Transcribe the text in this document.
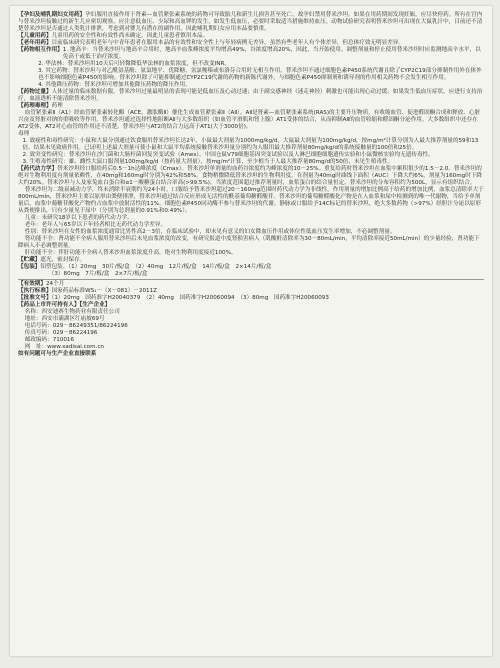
【孕妇及哺乳期妇女用药】孕妇服用直接作用于肾素—血管紧张素系统的药物可导致胎儿和新生儿损害甚至死亡。故孕妇禁用替米沙坦。如果在用药期间发现妊娠，应尽快停药。所有在宫内与替米沙坦接触过的新生儿应密切观察，应注意低血压、少尿和高血钾的发生，如发生低血压，必要时采取适当措施维持血压。动物试验研究表明替米沙坦可出现在大鼠乳汁中，目前还不清楚替米沙坦是否通过人类乳汁排泄，考虑到对婴儿有潜在的副作用，因此哺乳期妇女应用本品要慎重。

【儿童用药】儿童用药的安全性和有效性尚未确定，因此儿童患者慎用本品。

【老年用药】目前临床研究表明老年与中青年患者在服用本品的有效性和安全性上与年轻病例无差异，虽然有些老年人有个体差异，但总体疗效无明显差异。

【药物相互作用】 1. 地高辛：当替米沙坦与地高辛合用时，地高辛血浆峰浓度平均增高49%，谷浓度增高20%，因此，当开始使用、调整剂量和停止使用替米沙坦时应监测地高辛水平，以免高于或低于治疗浓度。

2. 华法林：替米沙坦用10天后可轻微降低华法林的血浆浓度，但不改变INR。

3. 其它药物：替米沙坦与对乙酰氨基酚、氨氯地平、优降糖、氢氯噻嗪或布洛芬合用时无相互作用。替米沙坦不通过细胞色素P450系统代谢且除了CYP2C19部分抑制作用外在体外也不影响细胞色素P450的影响。替米沙坦除了可能抑制通过CYP2C19代谢的药物的新陈代谢外，与细胞色素P450抑制剂和诱导剂的作用相关药物不会发生相互作用。

4. 其他降压药物：替米沙坦可增加其他降压药物的降压作用。

【药物过量】人体过量的临床数据有限。替米沙坦过量最明显的表现可能是低血压及心动过速；由于副交感神经（迷走神经）刺激也可能出现心动过缓。如果发生低血压症状，应进行支持治疗，血液透析不能清除替米沙坦。

【药理毒理】药理

血管紧张素Ⅱ（A1）经血管紧张素转化酶（ACE，激肽酶Ⅱ）催化生成血管紧张素Ⅱ（AⅡ）。AⅡ是肾素—血管紧张素系统(RAS)的主要升压物质，有收缩血管、促进醛固酮合成和释放、心脏兴奋及肾脏对钠的重吸收等作用。替米沙坦通过选择性地阻断AⅡ与大多数组织（如血管平滑肌和肾上腺）AT1受体的结合，从而抑制AⅡ的血管收缩和醛固酮分泌作用。大多数组织中还存在AT2受体，AT2对心血管的作用还不清楚。替米沙坦与AT2的结合力远高于AT1(大于3000倍)。

毒理

1. 致癌性和毒性研究：小鼠和大鼠分别通过饮食服用替米沙坦长达2年，小鼠最大剂量为1000mg/kg/d，大鼠最大剂量为100mg/kg/d，按mg/m²计算分别为人最大推荐剂量的59和13倍，结果未见致癌作用。已证明上述最大剂量可使小鼠和大鼠平均系统接触替米沙坦量分别约为人服用最大推荐剂量80mg/kg/d的系统接触量的100倍和25倍。

2. 致突变性研究：替米沙坦在沙门菌和大肠杆菌回复突变试验（Ames）、中国仓鼠V79细胞基因突变试验以及人淋巴细胞细胞遗传实验和小鼠微核实验均无遗传毒性。

3. 生殖毒性研究：雄、雌性大鼠口服剂量100mg/kg/d（按药量大剂量），按mg/m²计算，至少相当于人最大推荐量80mg/d的50倍，未见生殖毒性。

【药代动力学】替米沙坦经口服给药后0.5－1h达峰浓度（Cmax）。替米沙坦单剂量的血药谷浓度约为峰浓度的10－25%。重复给药时替米沙坦在血浆中累积很少的1.5－2.0。替米沙坦的绝对生物利用度有剂量依赖性，在40mg和160mg时分别为42%和58%。食物稍微降低替米沙坦的生物利用度，在剂量为40mg时曲线下面积（AUC）下降大约6%，剂量为160mg时下降大约20%。替米沙坦与人及家兔血白蛋白和α1－酸糖蛋白结合率高(>99.5%)，当浓度范围超过推荐剂量时，血浆蛋白的结合量恒定。替米沙坦的分布容积约为500L，显示有组织结合。

替米沙坦为二级衰减动力学，终末消除半衰期约为24小时。口服给予替米沙坦超过20－160mg范围时药代动力学为非线性，作用剂量的增加比例高于给药的增加比例，血浆总清除率大于800mL/min，替米沙坦主要以原形由粪便排泄，替米沙坦通过结合反应形成无活性的酰基葡萄糖醛酸苷。替米沙坦的葡萄糖醛酸化产物是在人血浆和尿中检测到的唯一代谢物，当给予单剂量后，血浆中葡糖苷酸化产物约占血浆中放射活性的11%。细胞色素P450同功酶不参与替米沙坦的代谢。静脉或口服给予14C标记的替米沙坦，绝大多数药物（>97%）经胆汁分泌以原形从粪便排出，只有少量见于尿中（分别为总剂量的0.91%和0.49%）。

儿童：未研究18岁以下患者的药代动力学。

老年：老年人与65岁以下年轻者相比无药代动力学差异。

性别：替米沙坦在女性的血浆浓度通常比男性高2－3倍，在临床试验中，却未见有意义的妇女降血压作用或体位性低血压发生率增加，不必调整剂量。

肾功能不全：肾功能不全病人服用替米沙坦后未见血浆浓度的改变，有研究报道中度肾损害病人（肌酸酐清除率为30－80mL/min，平均清除率接近50mL/min）的少量经验，肾功能下降病人不必调整剂量。

肝功能不全：伴肝功能不全病人替米沙坦血浆浓度升高，绝对生物利用度接近100%。

【贮藏】遮光，密封保存。

【包装】 铝塑包装。（1）20mg　30片/板/盒　（2）40mg　12片/板/盒　14片/板/盒　2×14片/板/盒

（3）80mg　7片/板/盒　2×7片/板/盒

【有效期】24个月

【执行标准】国家药品标准WS₁－（X－081）－2011Z

【批准文号】（1）20mg　国药准字H20040379　（2）40mg　国药准字H20060094　（3）80mg　国药准字H20060093

【药品上市许可持有人】【生产企业】

名称：西安迪赛生物药业有限责任公司

地址：西安市灞湖区红庙坡69号

电话号码：029－86249351/86224196

传真号码：029－86224196

邮政编码：710016

网　址：www.xadisai.com.cn

如有问题可与生产企业直接联系
